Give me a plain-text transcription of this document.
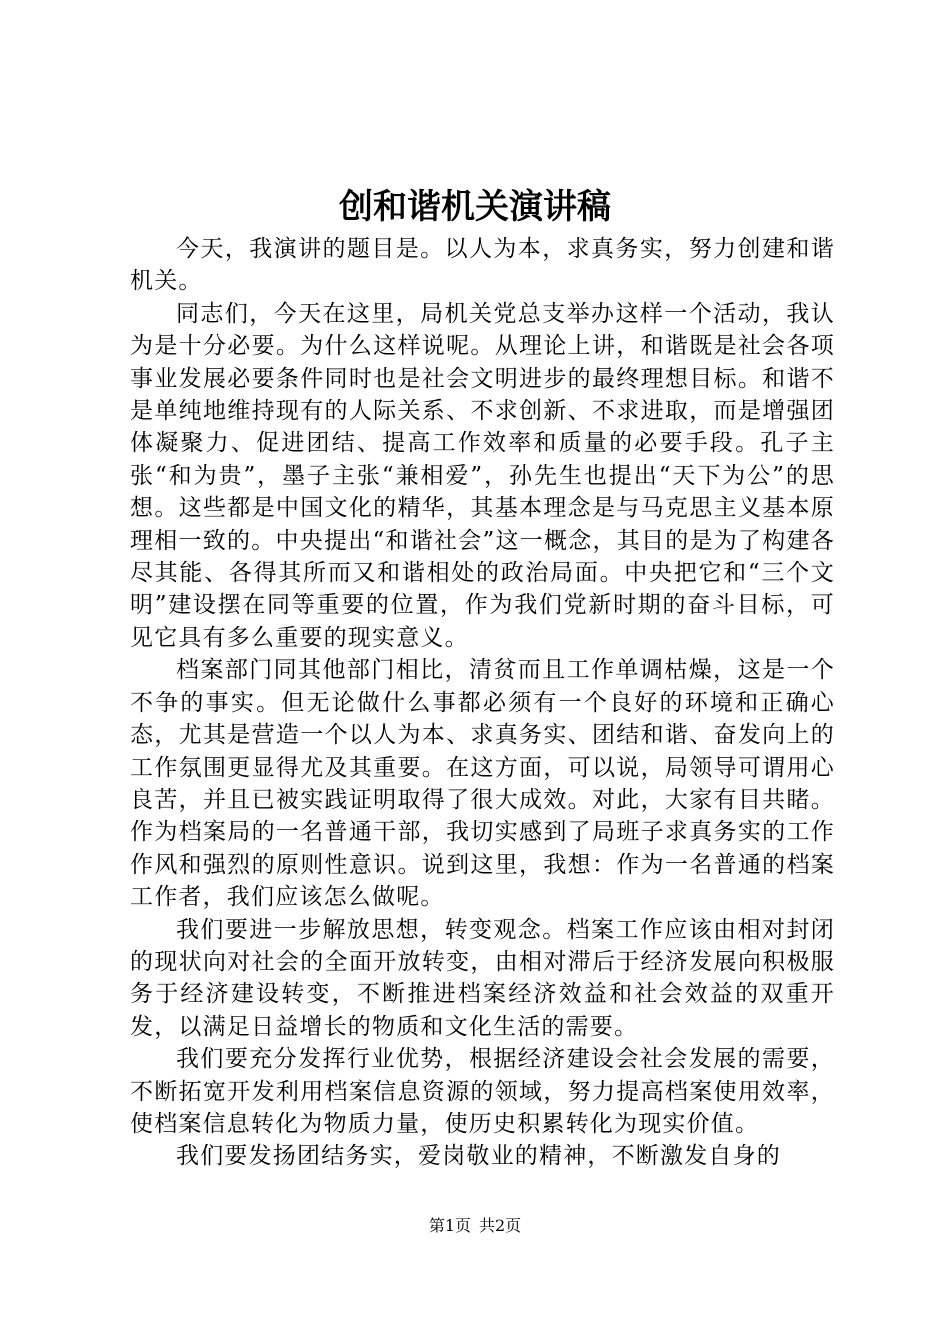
创和谐机关演讲稿

今天，我演讲的题目是。以人为本，求真务实，努力创建和谐机关。

同志们，今天在这里，局机关党总支举办这样一个活动，我认为是十分必要。为什么这样说呢。从理论上讲，和谐既是社会各项事业发展必要条件同时也是社会文明进步的最终理想目标。和谐不是单纯地维持现有的人际关系、不求创新、不求进取，而是增强团体凝聚力、促进团结、提高工作效率和质量的必要手段。孔子主张“和为贵”，墨子主张“兼相爱”，孙先生也提出“天下为公”的思想。这些都是中国文化的精华，其基本理念是与马克思主义基本原理相一致的。中央提出“和谐社会”这一概念，其目的是为了构建各尽其能、各得其所而又和谐相处的政治局面。中央把它和“三个文明”建设摆在同等重要的位置，作为我们党新时期的奋斗目标，可见它具有多么重要的现实意义。

档案部门同其他部门相比，清贫而且工作单调枯燥，这是一个不争的事实。但无论做什么事都必须有一个良好的环境和正确心态，尤其是营造一个以人为本、求真务实、团结和谐、奋发向上的工作氛围更显得尤及其重要。在这方面，可以说，局领导可谓用心良苦，并且已被实践证明取得了很大成效。对此，大家有目共睹。作为档案局的一名普通干部，我切实感到了局班子求真务实的工作作风和强烈的原则性意识。说到这里，我想：作为一名普通的档案工作者，我们应该怎么做呢。

我们要进一步解放思想，转变观念。档案工作应该由相对封闭的现状向对社会的全面开放转变，由相对滞后于经济发展向积极服务于经济建设转变，不断推进档案经济效益和社会效益的双重开发，以满足日益增长的物质和文化生活的需要。

我们要充分发挥行业优势，根据经济建设会社会发展的需要，不断拓宽开发利用档案信息资源的领域，努力提高档案使用效率，使档案信息转化为物质力量，使历史积累转化为现实价值。

我们要发扬团结务实，爱岗敬业的精神，不断激发自身的

第1页 共2页
